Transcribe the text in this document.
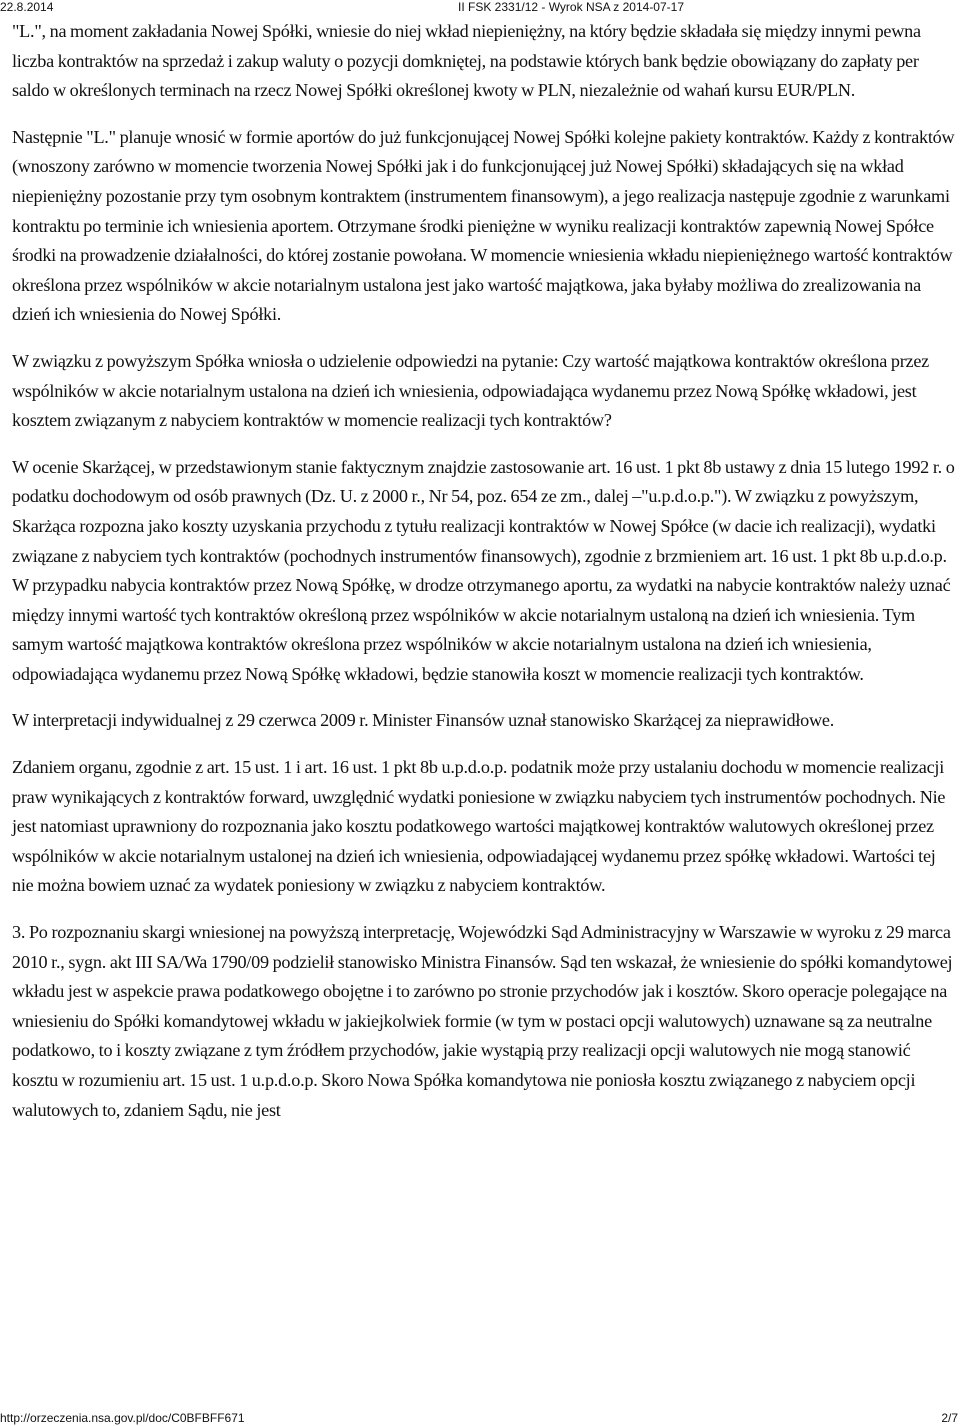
22.8.2014	II FSK 2331/12 - Wyrok NSA z 2014-07-17

"L.", na moment zakładania Nowej Spółki, wniesie do niej wkład niepieniężny, na który będzie składała się między innymi pewna liczba kontraktów na sprzedaż i zakup waluty o pozycji domkniętej, na podstawie których bank będzie obowiązany do zapłaty per saldo w określonych terminach na rzecz Nowej Spółki określonej kwoty w PLN, niezależnie od wahań kursu EUR/PLN.

Następnie "L." planuje wnosić w formie aportów do już funkcjonującej Nowej Spółki kolejne pakiety kontraktów. Każdy z kontraktów (wnoszony zarówno w momencie tworzenia Nowej Spółki jak i do funkcjonującej już Nowej Spółki) składających się na wkład niepieniężny pozostanie przy tym osobnym kontraktem (instrumentem finansowym), a jego realizacja następuje zgodnie z warunkami kontraktu po terminie ich wniesienia aportem. Otrzymane środki pieniężne w wyniku realizacji kontraktów zapewnią Nowej Spółce środki na prowadzenie działalności, do której zostanie powołana. W momencie wniesienia wkładu niepieniężnego wartość kontraktów określona przez wspólników w akcie notarialnym ustalona jest jako wartość majątkowa, jaka byłaby możliwa do zrealizowania na dzień ich wniesienia do Nowej Spółki.

W związku z powyższym Spółka wniosła o udzielenie odpowiedzi na pytanie: Czy wartość majątkowa kontraktów określona przez wspólników w akcie notarialnym ustalona na dzień ich wniesienia, odpowiadająca wydanemu przez Nową Spółkę wkładowi, jest kosztem związanym z nabyciem kontraktów w momencie realizacji tych kontraktów?

W ocenie Skarżącej, w przedstawionym stanie faktycznym znajdzie zastosowanie art. 16 ust. 1 pkt 8b ustawy z dnia 15 lutego 1992 r. o podatku dochodowym od osób prawnych (Dz. U. z 2000 r., Nr 54, poz. 654 ze zm., dalej –"u.p.d.o.p."). W związku z powyższym, Skarżąca rozpozna jako koszty uzyskania przychodu z tytułu realizacji kontraktów w Nowej Spółce (w dacie ich realizacji), wydatki związane z nabyciem tych kontraktów (pochodnych instrumentów finansowych), zgodnie z brzmieniem art. 16 ust. 1 pkt 8b u.p.d.o.p. W przypadku nabycia kontraktów przez Nową Spółkę, w drodze otrzymanego aportu, za wydatki na nabycie kontraktów należy uznać między innymi wartość tych kontraktów określoną przez wspólników w akcie notarialnym ustaloną na dzień ich wniesienia. Tym samym wartość majątkowa kontraktów określona przez wspólników w akcie notarialnym ustalona na dzień ich wniesienia, odpowiadająca wydanemu przez Nową Spółkę wkładowi, będzie stanowiła koszt w momencie realizacji tych kontraktów.

W interpretacji indywidualnej z 29 czerwca 2009 r. Minister Finansów uznał stanowisko Skarżącej za nieprawidłowe.

Zdaniem organu, zgodnie z art. 15 ust. 1 i art. 16 ust. 1 pkt 8b u.p.d.o.p. podatnik może przy ustalaniu dochodu w momencie realizacji praw wynikających z kontraktów forward, uwzględnić wydatki poniesione w związku nabyciem tych instrumentów pochodnych. Nie jest natomiast uprawniony do rozpoznania jako kosztu podatkowego wartości majątkowej kontraktów walutowych określonej przez wspólników w akcie notarialnym ustalonej na dzień ich wniesienia, odpowiadającej wydanemu przez spółkę wkładowi. Wartości tej nie można bowiem uznać za wydatek poniesiony w związku z nabyciem kontraktów.

3. Po rozpoznaniu skargi wniesionej na powyższą interpretację, Wojewódzki Sąd Administracyjny w Warszawie w wyroku z 29 marca 2010 r., sygn. akt III SA/Wa 1790/09 podzielił stanowisko Ministra Finansów. Sąd ten wskazał, że wniesienie do spółki komandytowej wkładu jest w aspekcie prawa podatkowego obojętne i to zarówno po stronie przychodów jak i kosztów. Skoro operacje polegające na wniesieniu do Spółki komandytowej wkładu w jakiejkolwiek formie (w tym w postaci opcji walutowych) uznawane są za neutralne podatkowo, to i koszty związane z tym źródłem przychodów, jakie wystąpią przy realizacji opcji walutowych nie mogą stanowić kosztu w rozumieniu art. 15 ust. 1 u.p.d.o.p. Skoro Nowa Spółka komandytowa nie poniosła kosztu związanego z nabyciem opcji walutowych to, zdaniem Sądu, nie jest

http://orzeczenia.nsa.gov.pl/doc/C0BFBFF671	2/7
